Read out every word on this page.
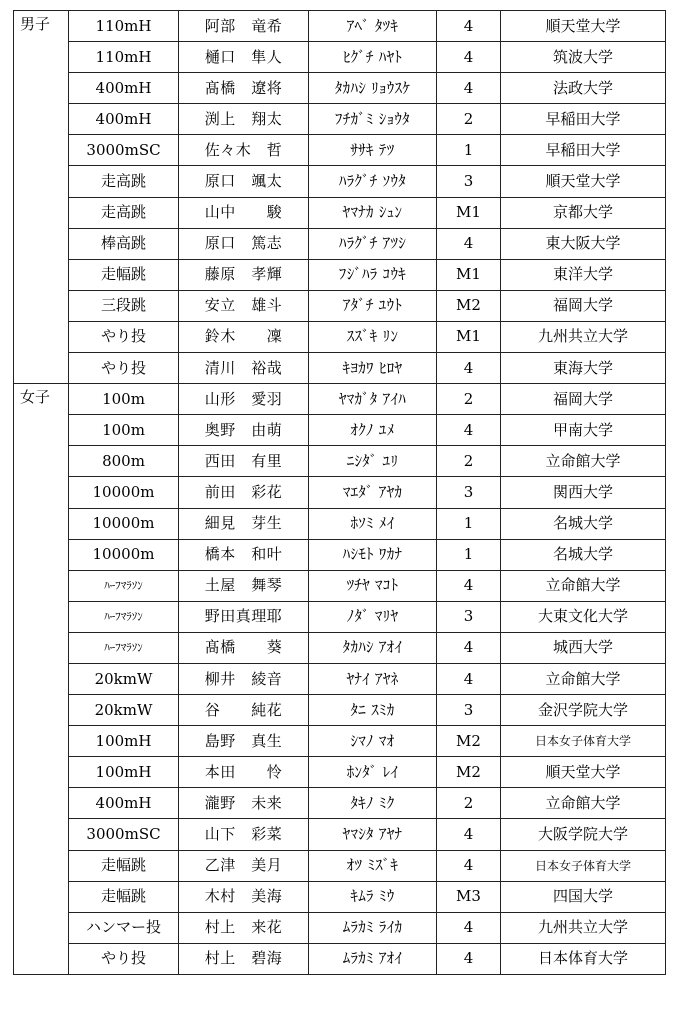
男子	110mH	阿部　竜希	ｱﾍﾞ ﾀﾂｷ	4	順天堂大学
	110mH	樋口　隼人	ﾋｸﾞﾁ ﾊﾔﾄ	4	筑波大学
	400mH	髙橋　遼将	ﾀｶﾊｼ ﾘｮｳｽｹ	4	法政大学
	400mH	渕上　翔太	ﾌﾁｶﾞﾐ ｼｮｳﾀ	2	早稲田大学
	3000mSC	佐々木　哲	ｻｻｷ ﾃﾂ	1	早稲田大学
	走高跳	原口　颯太	ﾊﾗｸﾞﾁ ｿｳﾀ	3	順天堂大学
	走高跳	山中　　駿	ﾔﾏﾅｶ ｼｭﾝ	M1	京都大学
	棒高跳	原口　篤志	ﾊﾗｸﾞﾁ ｱﾂｼ	4	東大阪大学
	走幅跳	藤原　孝輝	ﾌｼﾞﾊﾗ ｺｳｷ	M1	東洋大学
	三段跳	安立　雄斗	ｱﾀﾞﾁ ﾕｳﾄ	M2	福岡大学
	やり投	鈴木　　凜	ｽｽﾞｷ ﾘﾝ	M1	九州共立大学
	やり投	清川　裕哉	ｷﾖｶﾜ ﾋﾛﾔ	4	東海大学
女子	100m	山形　愛羽	ﾔﾏｶﾞﾀ ｱｲﾊ	2	福岡大学
	100m	奥野　由萌	ｵｸﾉ ﾕﾒ	4	甲南大学
	800m	西田　有里	ﾆｼﾀﾞ ﾕﾘ	2	立命館大学
	10000m	前田　彩花	ﾏｴﾀﾞ ｱﾔｶ	3	関西大学
	10000m	細見　芽生	ﾎｿﾐ ﾒｲ	1	名城大学
	10000m	橋本　和叶	ﾊｼﾓﾄ ﾜｶﾅ	1	名城大学
	ﾊｰﾌﾏﾗｿﾝ	土屋　舞琴	ﾂﾁﾔ ﾏｺﾄ	4	立命館大学
	ﾊｰﾌﾏﾗｿﾝ	野田真理耶	ﾉﾀﾞ ﾏﾘﾔ	3	大東文化大学
	ﾊｰﾌﾏﾗｿﾝ	髙橋　　葵	ﾀｶﾊｼ ｱｵｲ	4	城西大学
	20kmW	柳井　綾音	ﾔﾅｲ ｱﾔﾈ	4	立命館大学
	20kmW	谷　　純花	ﾀﾆ ｽﾐｶ	3	金沢学院大学
	100mH	島野　真生	ｼﾏﾉ ﾏｵ	M2	日本女子体育大学
	100mH	本田　　怜	ﾎﾝﾀﾞ ﾚｲ	M2	順天堂大学
	400mH	瀧野　未来	ﾀｷﾉ ﾐｸ	2	立命館大学
	3000mSC	山下　彩菜	ﾔﾏｼﾀ ｱﾔﾅ	4	大阪学院大学
	走幅跳	乙津　美月	ｵﾂ ﾐｽﾞｷ	4	日本女子体育大学
	走幅跳	木村　美海	ｷﾑﾗ ﾐｳ	M3	四国大学
	ハンマー投	村上　来花	ﾑﾗｶﾐ ﾗｲｶ	4	九州共立大学
	やり投	村上　碧海	ﾑﾗｶﾐ ｱｵｲ	4	日本体育大学
